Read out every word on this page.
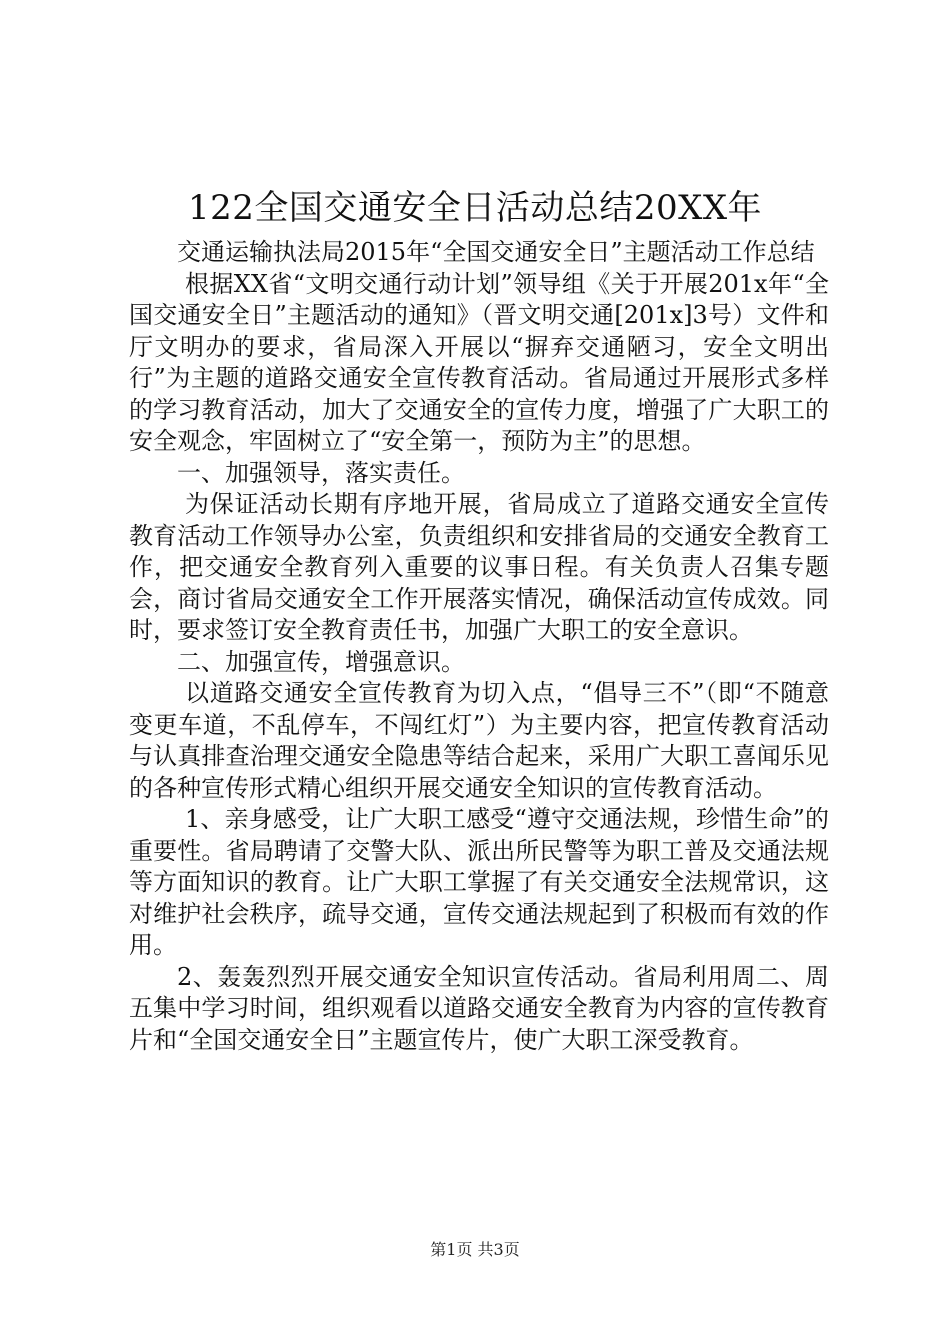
122全国交通安全日活动总结20XX年

交通运输执法局2015年“全国交通安全日”主题活动工作总结

根据XX省“文明交通行动计划”领导组《关于开展201x年“全国交通安全日”主题活动的通知》（晋文明交通[201x]3号）文件和厅文明办的要求，省局深入开展以“摒弃交通陋习，安全文明出行”为主题的道路交通安全宣传教育活动。省局通过开展形式多样的学习教育活动，加大了交通安全的宣传力度，增强了广大职工的安全观念，牢固树立了“安全第一，预防为主”的思想。

一、加强领导，落实责任。

为保证活动长期有序地开展，省局成立了道路交通安全宣传教育活动工作领导办公室，负责组织和安排省局的交通安全教育工作，把交通安全教育列入重要的议事日程。有关负责人召集专题会，商讨省局交通安全工作开展落实情况，确保活动宣传成效。同时，要求签订安全教育责任书，加强广大职工的安全意识。

二、加强宣传，增强意识。

以道路交通安全宣传教育为切入点，“倡导三不”（即“不随意变更车道，不乱停车，不闯红灯”）为主要内容，把宣传教育活动与认真排查治理交通安全隐患等结合起来，采用广大职工喜闻乐见的各种宣传形式精心组织开展交通安全知识的宣传教育活动。

1、亲身感受，让广大职工感受“遵守交通法规，珍惜生命”的重要性。省局聘请了交警大队、派出所民警等为职工普及交通法规等方面知识的教育。让广大职工掌握了有关交通安全法规常识，这对维护社会秩序，疏导交通，宣传交通法规起到了积极而有效的作用。

2、轰轰烈烈开展交通安全知识宣传活动。省局利用周二、周五集中学习时间，组织观看以道路交通安全教育为内容的宣传教育片和“全国交通安全日”主题宣传片，使广大职工深受教育。

第1页 共3页
